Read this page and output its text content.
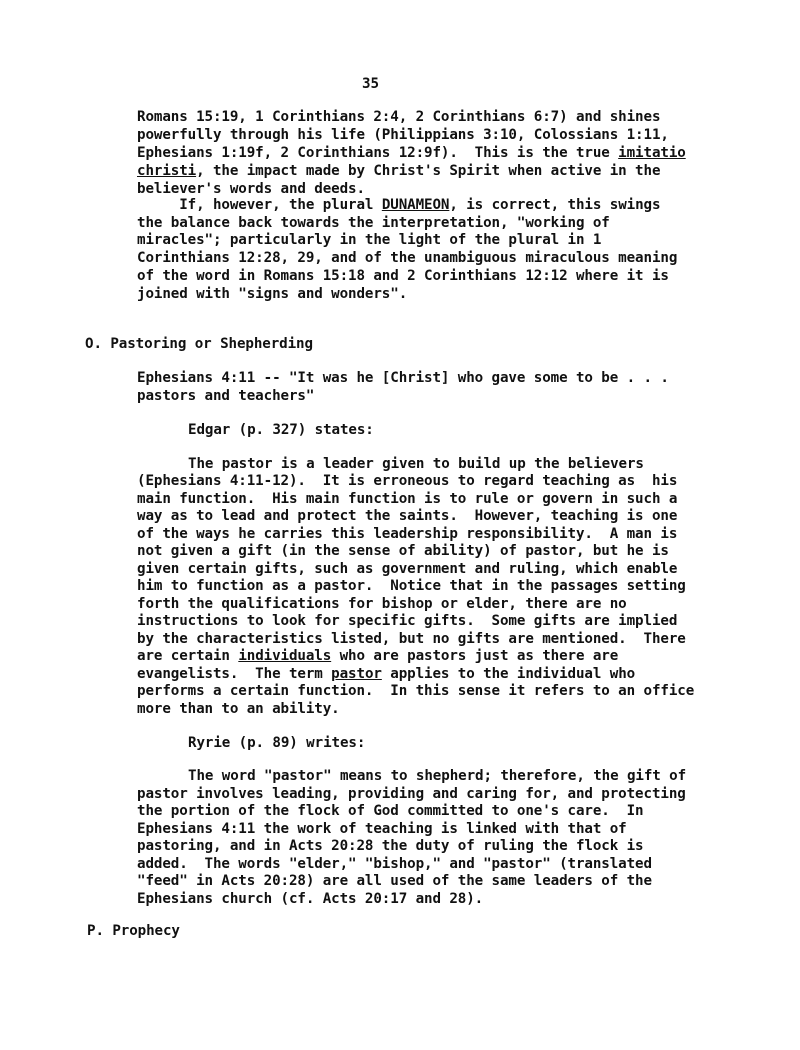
35
Romans 15:19, 1 Corinthians 2:4, 2 Corinthians 6:7) and shines
powerfully through his life (Philippians 3:10, Colossians 1:11,
Ephesians 1:19f, 2 Corinthians 12:9f).  This is the true imitatio
christi, the impact made by Christ's Spirit when active in the
believer's words and deeds.
If, however, the plural DUNAMEON, is correct, this swings
the balance back towards the interpretation, "working of
miracles"; particularly in the light of the plural in 1
Corinthians 12:28, 29, and of the unambiguous miraculous meaning
of the word in Romans 15:18 and 2 Corinthians 12:12 where it is
joined with "signs and wonders".
O. Pastoring or Shepherding
Ephesians 4:11 -- "It was he [Christ] who gave some to be . . .
pastors and teachers"
Edgar (p. 327) states:
The pastor is a leader given to build up the believers
(Ephesians 4:11-12).  It is erroneous to regard teaching as  his
main function.  His main function is to rule or govern in such a
way as to lead and protect the saints.  However, teaching is one
of the ways he carries this leadership responsibility.  A man is
not given a gift (in the sense of ability) of pastor, but he is
given certain gifts, such as government and ruling, which enable
him to function as a pastor.  Notice that in the passages setting
forth the qualifications for bishop or elder, there are no
instructions to look for specific gifts.  Some gifts are implied
by the characteristics listed, but no gifts are mentioned.  There
are certain individuals who are pastors just as there are
evangelists.  The term pastor applies to the individual who
performs a certain function.  In this sense it refers to an office
more than to an ability.
Ryrie (p. 89) writes:
The word "pastor" means to shepherd; therefore, the gift of
pastor involves leading, providing and caring for, and protecting
the portion of the flock of God committed to one's care.  In
Ephesians 4:11 the work of teaching is linked with that of
pastoring, and in Acts 20:28 the duty of ruling the flock is
added.  The words "elder," "bishop," and "pastor" (translated
"feed" in Acts 20:28) are all used of the same leaders of the
Ephesians church (cf. Acts 20:17 and 28).
P. Prophecy
